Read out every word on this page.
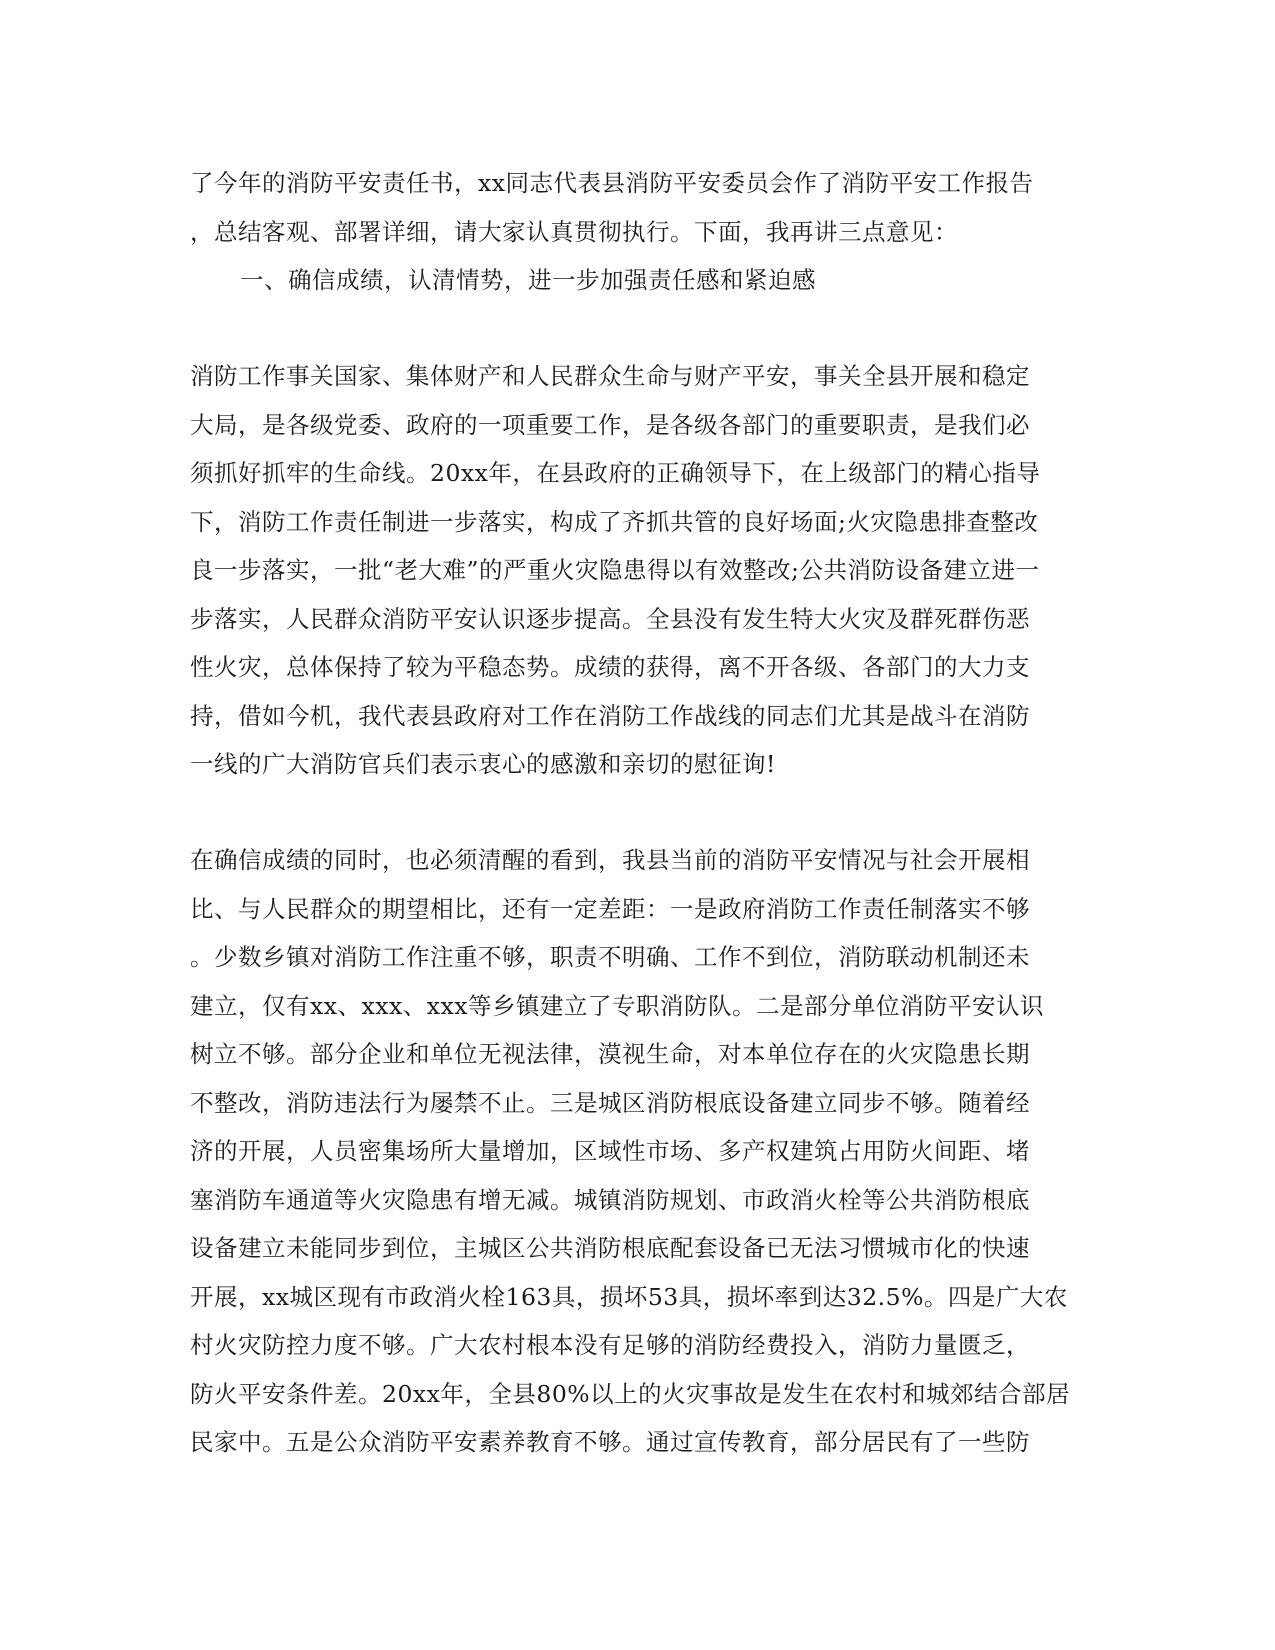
了今年的消防平安责任书，xx同志代表县消防平安委员会作了消防平安工作报告
，总结客观、部署详细，请大家认真贯彻执行。下面，我再讲三点意见：
一、确信成绩，认清情势，进一步加强责任感和紧迫感
消防工作事关国家、集体财产和人民群众生命与财产平安，事关全县开展和稳定
大局，是各级党委、政府的一项重要工作，是各级各部门的重要职责，是我们必
须抓好抓牢的生命线。20xx年，在县政府的正确领导下，在上级部门的精心指导
下，消防工作责任制进一步落实，构成了齐抓共管的良好场面;火灾隐患排查整改
良一步落实，一批“老大难”的严重火灾隐患得以有效整改;公共消防设备建立进一
步落实，人民群众消防平安认识逐步提高。全县没有发生特大火灾及群死群伤恶
性火灾，总体保持了较为平稳态势。成绩的获得，离不开各级、各部门的大力支
持，借如今机，我代表县政府对工作在消防工作战线的同志们尤其是战斗在消防
一线的广大消防官兵们表示衷心的感激和亲切的慰征询!
在确信成绩的同时，也必须清醒的看到，我县当前的消防平安情况与社会开展相
比、与人民群众的期望相比，还有一定差距：一是政府消防工作责任制落实不够
。少数乡镇对消防工作注重不够，职责不明确、工作不到位，消防联动机制还未
建立，仅有xx、xxx、xxx等乡镇建立了专职消防队。二是部分单位消防平安认识
树立不够。部分企业和单位无视法律，漠视生命，对本单位存在的火灾隐患长期
不整改，消防违法行为屡禁不止。三是城区消防根底设备建立同步不够。随着经
济的开展，人员密集场所大量增加，区域性市场、多产权建筑占用防火间距、堵
塞消防车通道等火灾隐患有增无减。城镇消防规划、市政消火栓等公共消防根底
设备建立未能同步到位，主城区公共消防根底配套设备已无法习惯城市化的快速
开展，xx城区现有市政消火栓163具，损坏53具，损坏率到达32.5%。四是广大农
村火灾防控力度不够。广大农村根本没有足够的消防经费投入，消防力量匮乏，
防火平安条件差。20xx年，全县80%以上的火灾事故是发生在农村和城郊结合部居
民家中。五是公众消防平安素养教育不够。通过宣传教育，部分居民有了一些防
